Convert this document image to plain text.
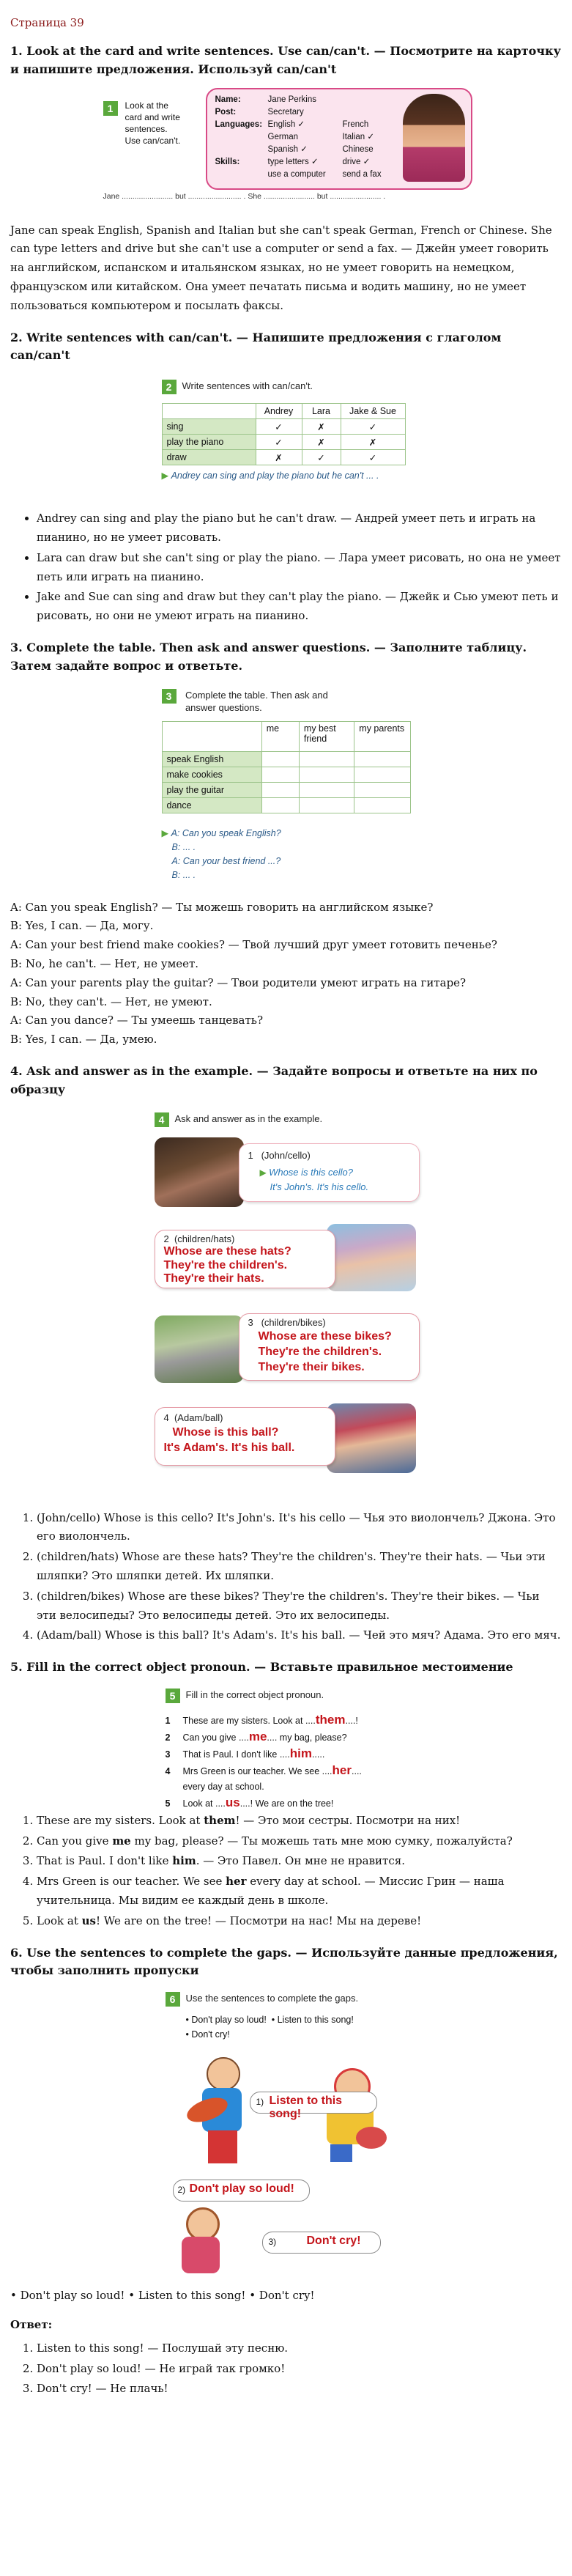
Страница 39
1. Look at the card and write sentences. Use can/can't. — Посмотрите на карточку и напишите предложения. Используй can/can't
1	Look at the
card and write
sentences.
Use can/can't.
Name:	Jane Perkins	
Post:	Secretary	
Languages:	English ✓	French
	German	Italian ✓
	Spanish ✓	Chinese
Skills:	type letters ✓	drive ✓
	use a computer	send a fax
Jane ........................ but ......................... . She ........................ but ........................ .

Jane can speak English, Spanish and Italian but she can't speak German, French or Chinese. She can type letters and drive but she can't use a computer or send a fax. — Джейн умеет говорить на английском, испанском и итальянском языках, но не умеет говорить на немецком, французском или китайском. Она умеет печатать письма и водить машину, но не умеет пользоваться компьютером и посылать факсы.

2. Write sentences with can/can't. — Напишите предложения с глаголом can/can't
2 Write sentences with can/can't.
	Andrey	Lara	Jake & Sue
sing	✓	✗	✓
play the piano	✓	✗	✗
draw	✗	✓	✓
▶ Andrey can sing and play the piano but he can't ... .
• Andrey can sing and play the piano but he can't draw. — Андрей умеет петь и играть на пианино, но не умеет рисовать.
• Lara can draw but she can't sing or play the piano. — Лара умеет рисовать, но она не умеет петь или играть на пианино.
• Jake and Sue can sing and draw but they can't play the piano. — Джейк и Сью умеют петь и рисовать, но они не умеют играть на пианино.
3. Complete the table. Then ask and answer questions. — Заполните таблицу. Затем задайте вопрос и ответьте.
3 Complete the table. Then ask and
answer questions.
	me	my best friend	my parents
speak English			
make cookies			
play the guitar			
dance			
▶ A: Can you speak English?
B: ... .
A: Can your best friend ...?
B: ... .

A: Can you speak English? — Ты можешь говорить на английском языке?

B: Yes, I can. — Да, могу.

A: Can your best friend make cookies? — Твой лучший друг умеет готовить печенье?

B: No, he can't. — Нет, не умеет.

A: Can your parents play the guitar? — Твои родители умеют играть на гитаре?

B: No, they can't. — Нет, не умеют.

A: Can you dance? — Ты умеешь танцевать?

B: Yes, I can. — Да, умею.

4. Ask and answer as in the example. — Задайте вопросы и ответьте на них по образцу
4 Ask and answer as in the example.
1   (John/cello)
▶ Whose is this cello?
It's John's. It's his cello.
2  (children/hats)
Whose are these hats?
They're the children's.
They're their hats.
3   (children/bikes)
Whose are these bikes?
They're the children's.
They're their bikes.
4  (Adam/ball)
Whose is this ball?
It's Adam's. It's his ball.
1. (John/cello) Whose is this cello? It's John's. It's his cello — Чья это виолончель? Джона. Это его виолончель.
2. (children/hats) Whose are these hats? They're the children's. They're their hats. — Чьи эти шляпки? Это шляпки детей. Их шляпки.
3. (children/bikes) Whose are these bikes? They're the children's. They're their bikes. — Чьи эти велосипеды? Это велосипеды детей. Это их велосипеды.
4. (Adam/ball) Whose is this ball? It's Adam's. It's his ball. — Чей это мяч? Адама. Это его мяч.
5. Fill in the correct object pronoun. — Вставьте правильное местоимение
5 Fill in the correct object pronoun.
1 These are my sisters. Look at ....them....!
2 Can you give ....me.... my bag, please?
3 That is Paul. I don't like ....him.....
4 Mrs Green is our teacher. We see ....her....
every day at school.
5 Look at ....us....! We are on the tree!
1. These are my sisters. Look at them! — Это мои сестры. Посмотри на них!
2. Can you give me my bag, please? — Ты можешь тать мне мою сумку, пожалуйста?
3. That is Paul. I don't like him. — Это Павел. Он мне не нравится.
4. Mrs Green is our teacher. We see her every day at school. — Миссис Грин — наша учительница. Мы видим ее каждый день в школе.
5. Look at us! We are on the tree! — Посмотри на нас! Мы на дереве!
6. Use the sentences to complete the gaps. — Используйте данные предложения, чтобы заполнить пропуски
6 Use the sentences to complete the gaps.
• Don't play so loud! • Listen to this song!
• Don't cry!
1) Listen to this song!
2) Don't play so loud!
3)	Don't cry!

• Don't play so loud! • Listen to this song! • Don't cry!

Ответ:

1. Listen to this song! — Послушай эту песню.
2. Don't play so loud! — Не играй так громко!
3. Don't cry! — Не плачь!
